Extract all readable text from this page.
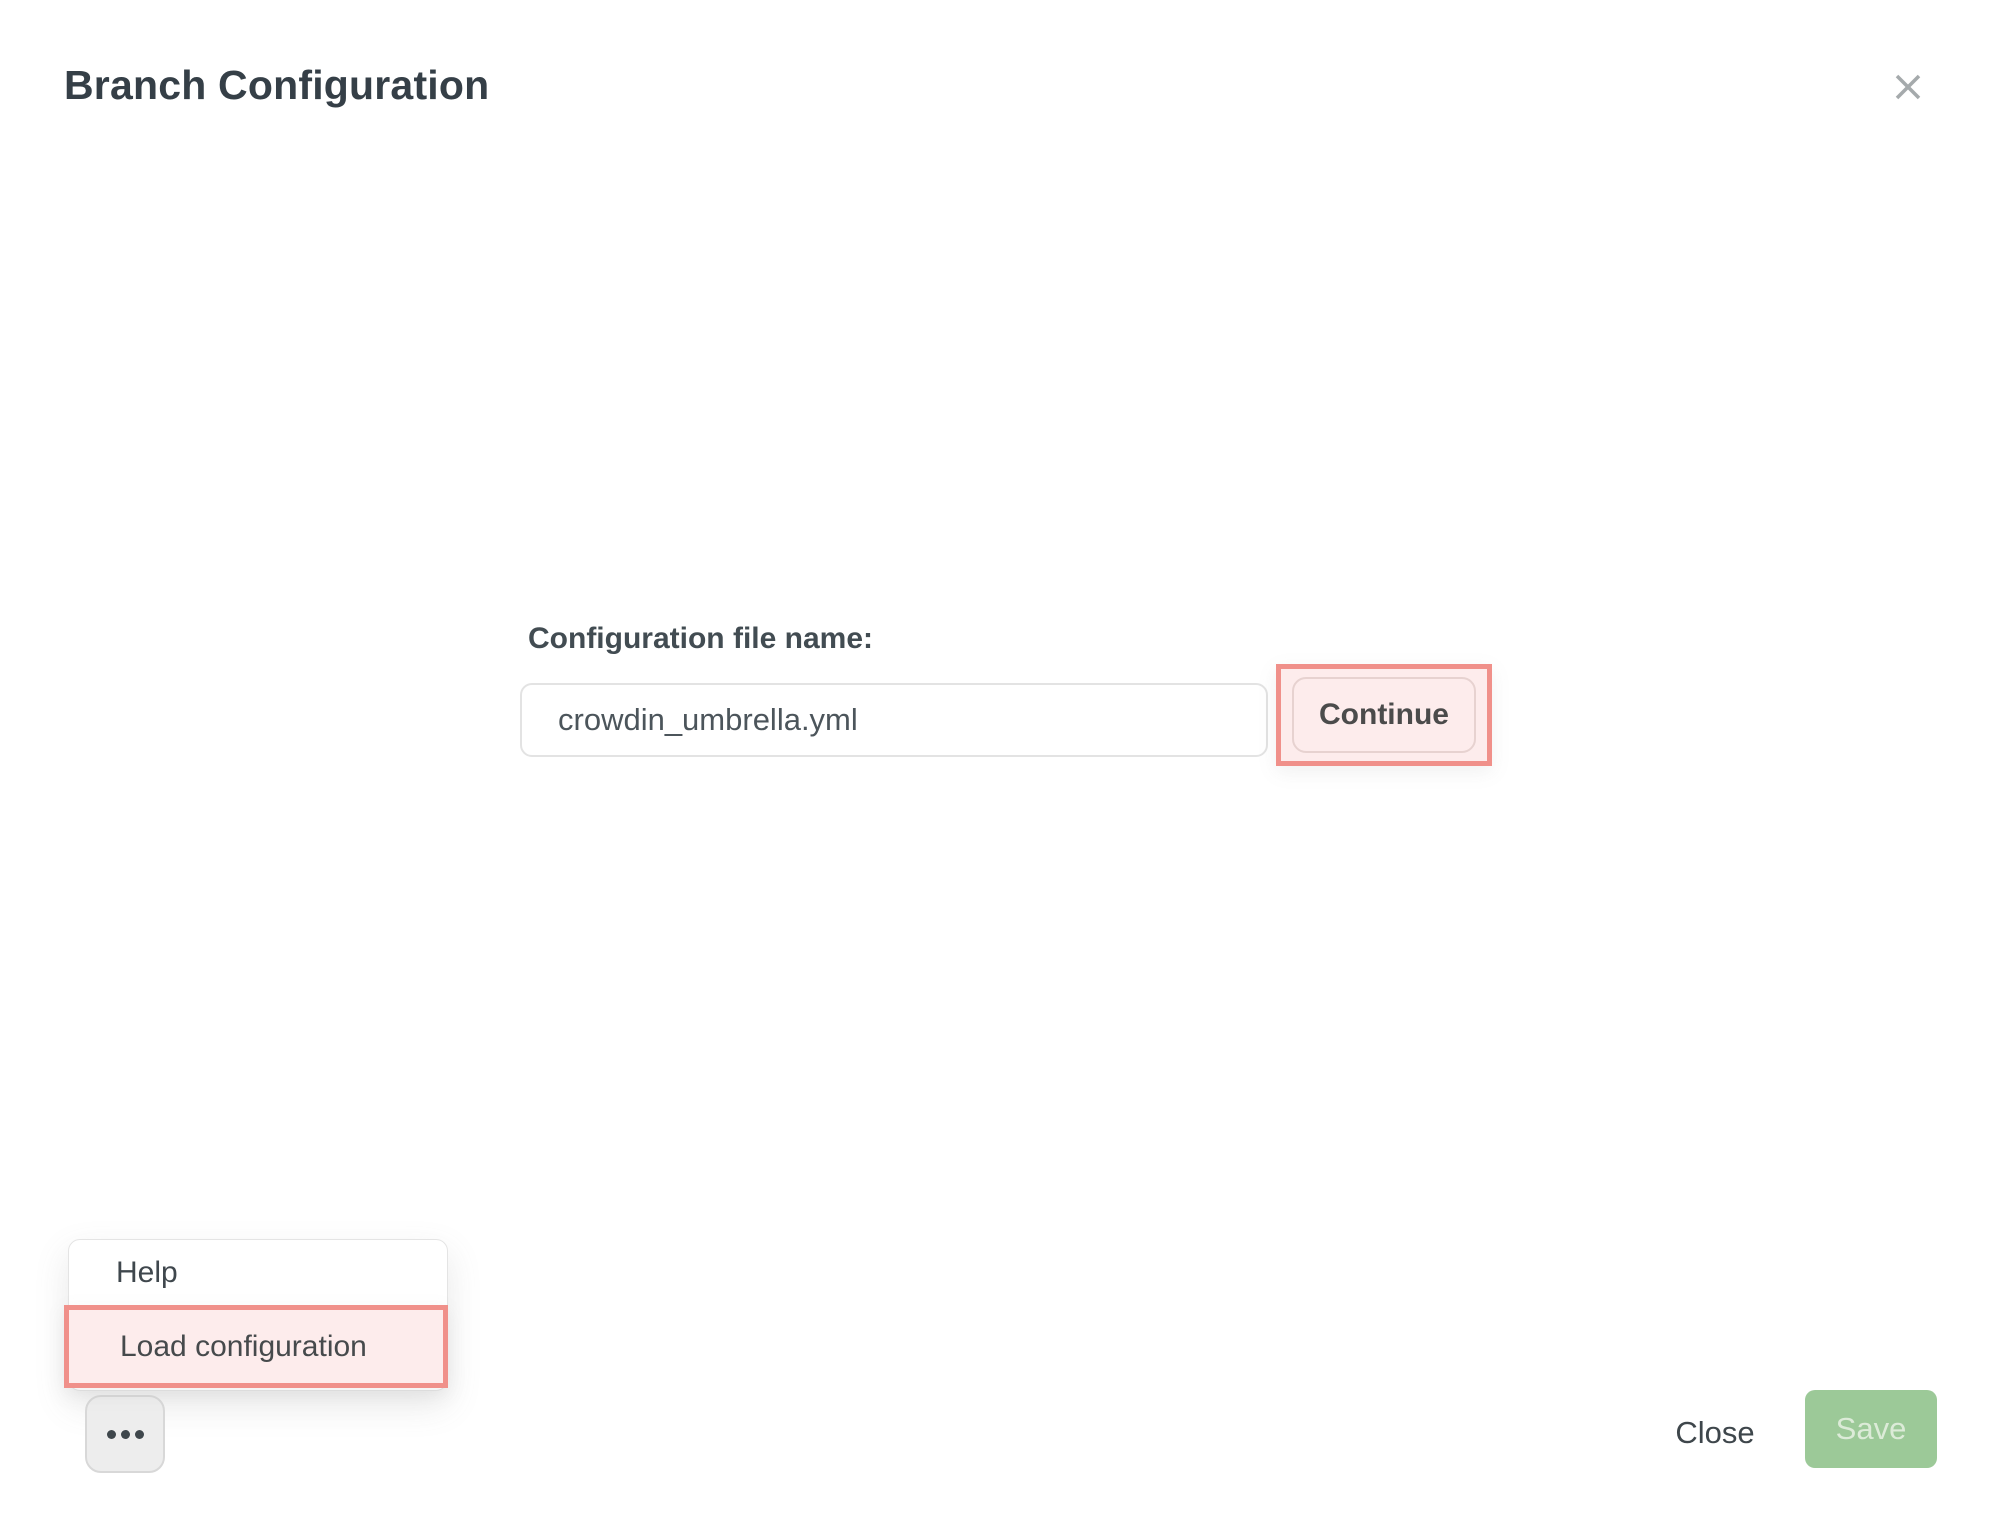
Branch Configuration
Configuration file name:
crowdin_umbrella.yml
Continue
Help
Load configuration
Close	Save
